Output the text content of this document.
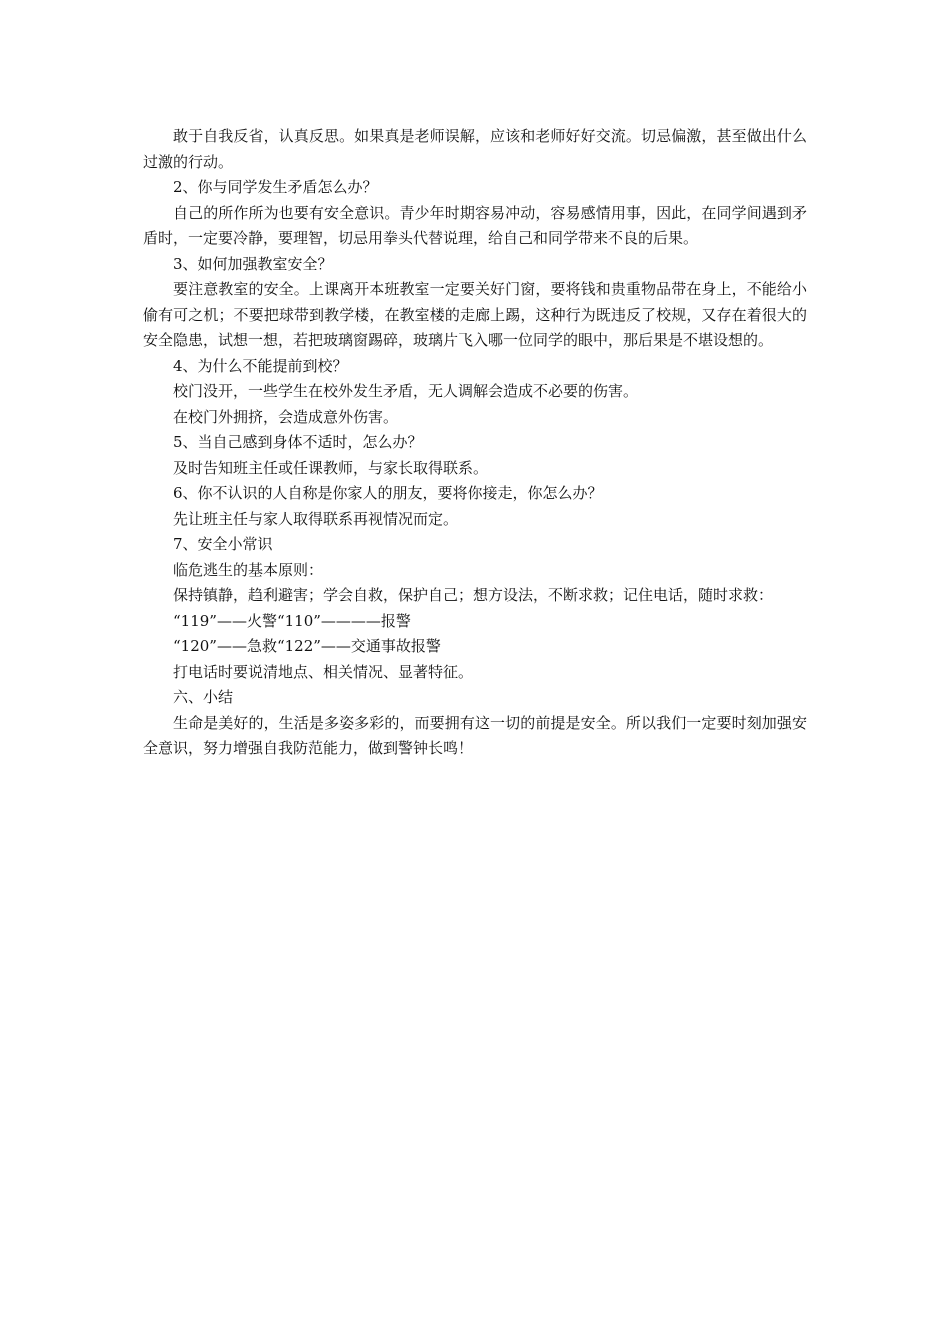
敢于自我反省，认真反思。如果真是老师误解，应该和老师好好交流。切忌偏激，甚至做出什么过激的行动。

2、你与同学发生矛盾怎么办？

自己的所作所为也要有安全意识。青少年时期容易冲动，容易感情用事，因此，在同学间遇到矛盾时，一定要冷静，要理智，切忌用拳头代替说理，给自己和同学带来不良的后果。

3、如何加强教室安全？

要注意教室的安全。上课离开本班教室一定要关好门窗，要将钱和贵重物品带在身上，不能给小偷有可之机；不要把球带到教学楼，在教室楼的走廊上踢，这种行为既违反了校规，又存在着很大的安全隐患，试想一想，若把玻璃窗踢碎，玻璃片飞入哪一位同学的眼中，那后果是不堪设想的。

4、为什么不能提前到校？

校门没开，一些学生在校外发生矛盾，无人调解会造成不必要的伤害。

在校门外拥挤，会造成意外伤害。

5、当自己感到身体不适时，怎么办？

及时告知班主任或任课教师，与家长取得联系。

6、你不认识的人自称是你家人的朋友，要将你接走，你怎么办？

先让班主任与家人取得联系再视情况而定。

7、安全小常识

临危逃生的基本原则：

保持镇静，趋利避害；学会自救，保护自己；想方设法，不断求救；记住电话，随时求救：

“119”——火警“110”————报警

“120”——急救“122”——交通事故报警

打电话时要说清地点、相关情况、显著特征。

六、小结

生命是美好的，生活是多姿多彩的，而要拥有这一切的前提是安全。所以我们一定要时刻加强安全意识，努力增强自我防范能力，做到警钟长鸣！
